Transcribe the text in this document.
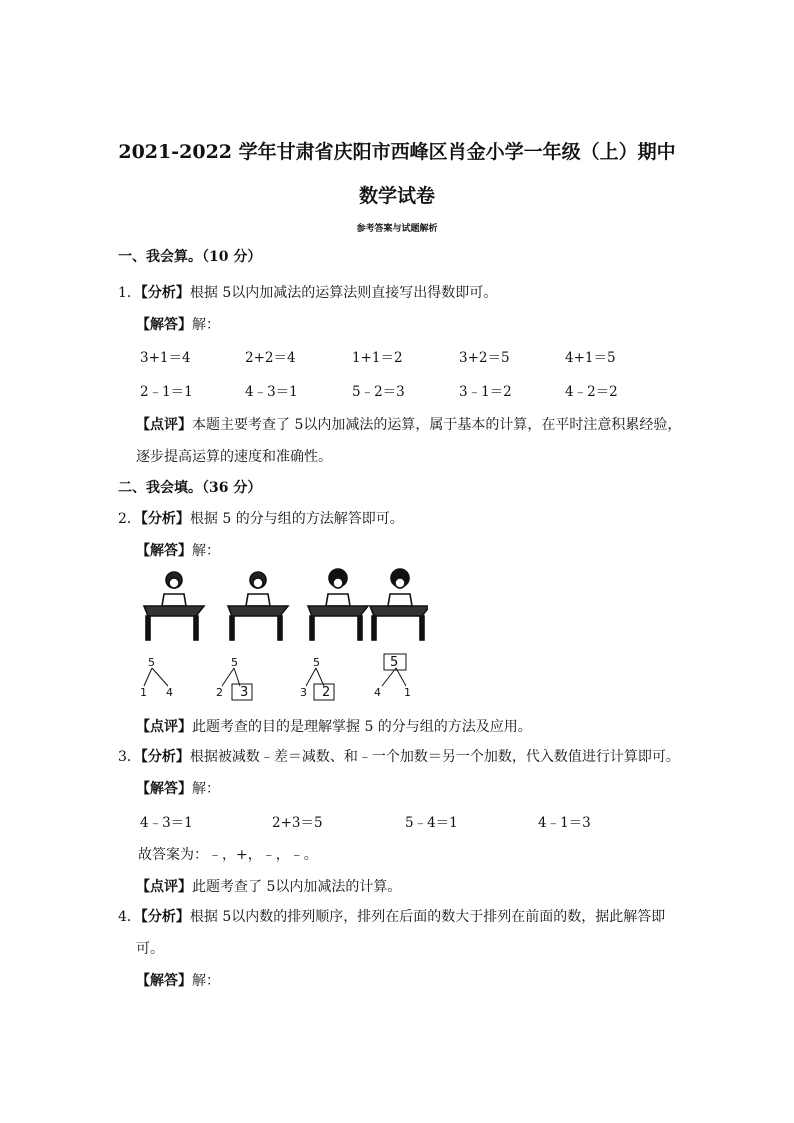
2021-2022 学年甘肃省庆阳市西峰区肖金小学一年级（上）期中
数学试卷
参考答案与试题解析
一、我会算。（10 分）
1．【分析】根据 5以内加减法的运算法则直接写出得数即可。
【解答】解：
3+1＝4	2+2＝4	1+1＝2	3+2＝5	4+1＝5
2﹣1＝1	4﹣3＝1	5﹣2＝3	3﹣1＝2	4﹣2＝2
【点评】本题主要考查了 5以内加减法的运算，属于基本的计算，在平时注意积累经验，
逐步提高运算的速度和准确性。
二、我会填。（36 分）
2．【分析】根据 5 的分与组的方法解答即可。
【解答】解：
5
1 4
5
2 3
5
3 2
5
4 1
【点评】此题考查的目的是理解掌握 5 的分与组的方法及应用。
3．【分析】根据被减数﹣差＝减数、和﹣一个加数＝另一个加数，代入数值进行计算即可。
【解答】解：
4﹣3＝1	2+3＝5	5﹣4＝1	4﹣1＝3
故答案为：﹣，+，﹣，﹣。
【点评】此题考查了 5以内加减法的计算。
4．【分析】根据 5以内数的排列顺序，排列在后面的数大于排列在前面的数，据此解答即
可。
【解答】解：
